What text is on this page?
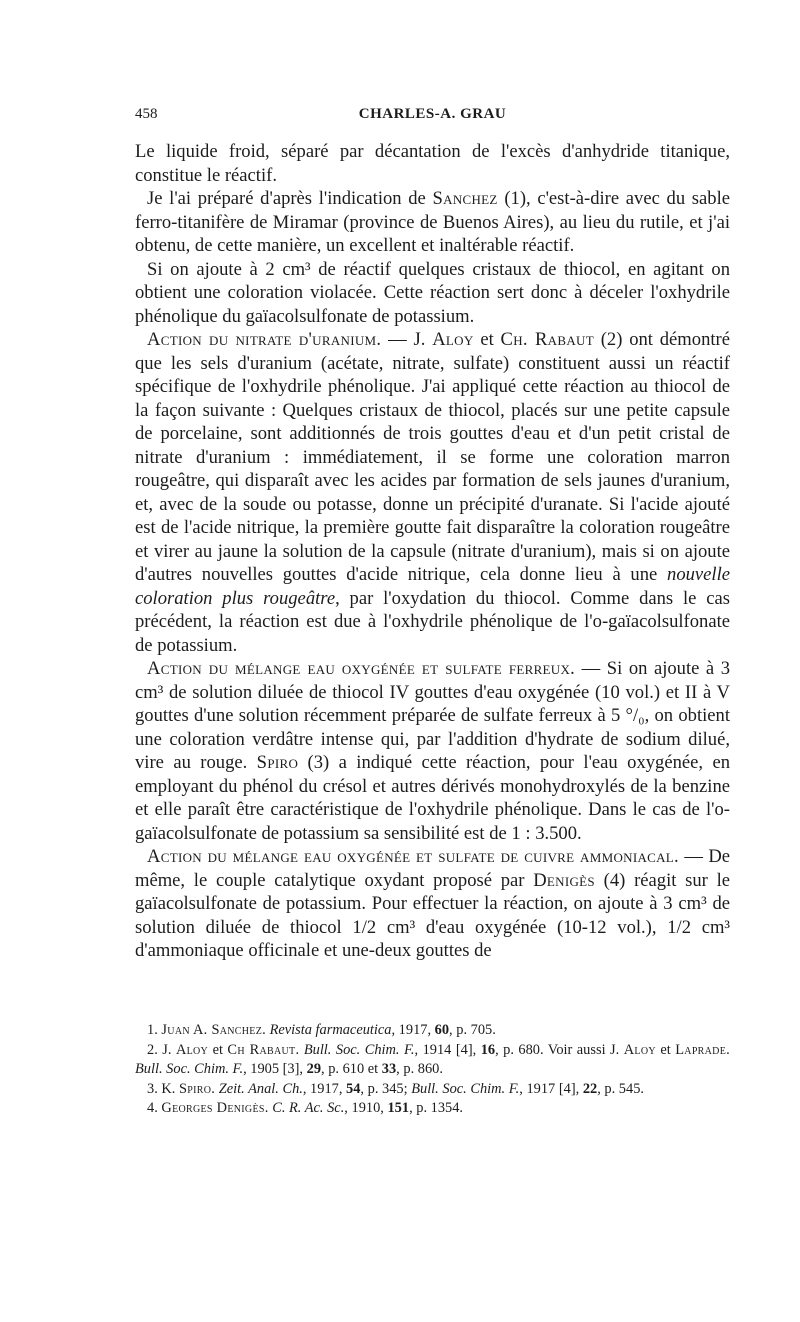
458	CHARLES-A. GRAU

Le liquide froid, séparé par décantation de l'excès d'anhydride titanique, constitue le réactif.

Je l'ai préparé d'après l'indication de Sanchez (1), c'est-à-dire avec du sable ferro-titanifère de Miramar (province de Buenos Aires), au lieu du rutile, et j'ai obtenu, de cette manière, un excellent et inaltérable réactif.

Si on ajoute à 2 cm³ de réactif quelques cristaux de thiocol, en agitant on obtient une coloration violacée. Cette réaction sert donc à déceler l'oxhydrile phénolique du gaïacolsulfonate de potassium.

Action du nitrate d'uranium. — J. Aloy et Ch. Rabaut (2) ont démontré que les sels d'uranium (acétate, nitrate, sulfate) constituent aussi un réactif spécifique de l'oxhydrile phénolique. J'ai appliqué cette réaction au thiocol de la façon suivante : Quelques cristaux de thiocol, placés sur une petite capsule de porcelaine, sont additionnés de trois gouttes d'eau et d'un petit cristal de nitrate d'uranium : immédiatement, il se forme une coloration marron rougeâtre, qui disparaît avec les acides par formation de sels jaunes d'uranium, et, avec de la soude ou potasse, donne un précipité d'uranate. Si l'acide ajouté est de l'acide nitrique, la première goutte fait disparaître la coloration rougeâtre et virer au jaune la solution de la capsule (nitrate d'uranium), mais si on ajoute d'autres nouvelles gouttes d'acide nitrique, cela donne lieu à une nouvelle coloration plus rougeâtre, par l'oxydation du thiocol. Comme dans le cas précédent, la réaction est due à l'oxhydrile phénolique de l'o-gaïacolsulfonate de potassium.

Action du mélange eau oxygénée et sulfate ferreux. — Si on ajoute à 3 cm³ de solution diluée de thiocol IV gouttes d'eau oxygénée (10 vol.) et II à V gouttes d'une solution récemment préparée de sulfate ferreux à 5 °/₀, on obtient une coloration verdâtre intense qui, par l'addition d'hydrate de sodium dilué, vire au rouge. Spiro (3) a indiqué cette réaction, pour l'eau oxygénée, en employant du phénol du crésol et autres dérivés monohydroxylés de la benzine et elle paraît être caractéristique de l'oxhydrile phénolique. Dans le cas de l'o-gaïacolsulfonate de potassium sa sensibilité est de 1 : 3.500.

Action du mélange eau oxygénée et sulfate de cuivre ammoniacal. — De même, le couple catalytique oxydant proposé par Denigès (4) réagit sur le gaïacolsulfonate de potassium. Pour effectuer la réaction, on ajoute à 3 cm³ de solution diluée de thiocol 1/2 cm³ d'eau oxygénée (10-12 vol.), 1/2 cm³ d'ammoniaque officinale et une-deux gouttes de

1. Juan A. Sanchez. Revista farmaceutica, 1917, 60, p. 705.

2. J. Aloy et Ch Rabaut. Bull. Soc. Chim. F., 1914 [4], 16, p. 680. Voir aussi J. Aloy et Laprade. Bull. Soc. Chim. F., 1905 [3], 29, p. 610 et 33, p. 860.

3. K. Spiro. Zeit. Anal. Ch., 1917, 54, p. 345; Bull. Soc. Chim. F., 1917 [4], 22, p. 545.

4. Georges Denigès. C. R. Ac. Sc., 1910, 151, p. 1354.
